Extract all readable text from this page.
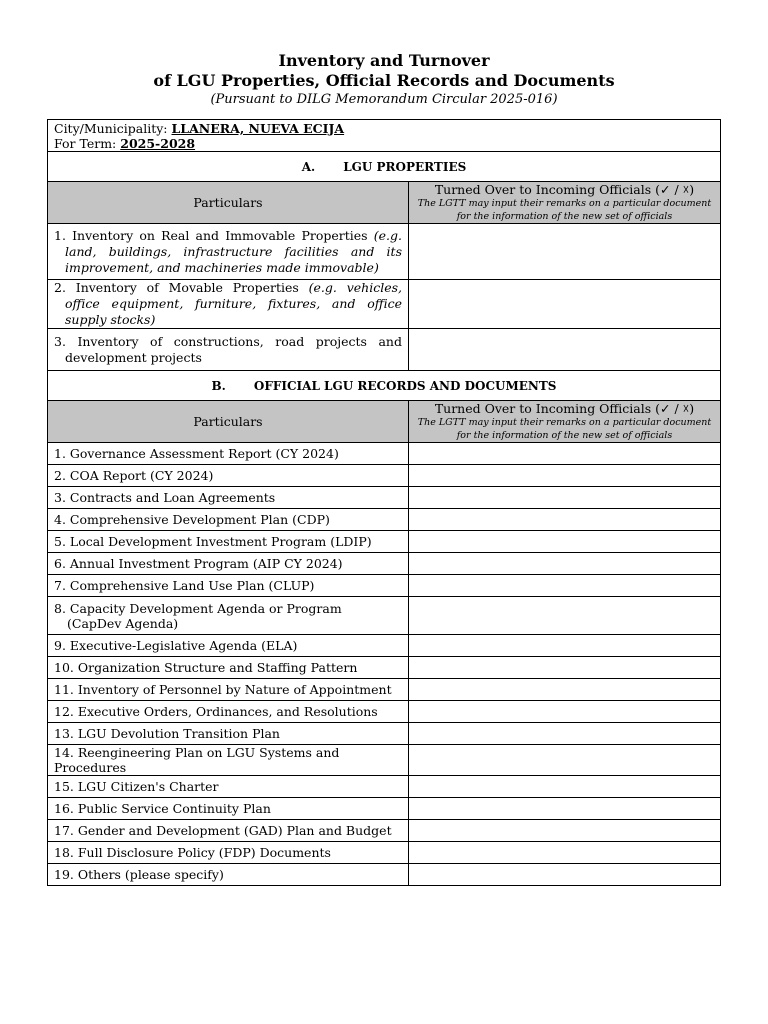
Inventory and Turnover
of LGU Properties, Official Records and Documents
(Pursuant to DILG Memorandum Circular 2025-016)
City/Municipality: LLANERA, NUEVA ECIJA
For Term: 2025-2028	

A. LGU PROPERTIES	

Particulars	Turned Over to Incoming Officials (✓ / ☓)
The LGTT may input their remarks on a particular document
for the information of the new set of officials

1. Inventory on Real and Immovable Properties (e.g. land, buildings, infrastructure facilities and its improvement, and machineries made immovable)	

2. Inventory of Movable Properties (e.g. vehicles, office equipment, furniture, fixtures, and office supply stocks)	

3. Inventory of constructions, road projects and development projects	

B. OFFICIAL LGU RECORDS AND DOCUMENTS	

Particulars	Turned Over to Incoming Officials (✓ / ☓)
The LGTT may input their remarks on a particular document
for the information of the new set of officials

1. Governance Assessment Report (CY 2024)	
2. COA Report (CY 2024)	
3. Contracts and Loan Agreements	
4. Comprehensive Development Plan (CDP)	
5. Local Development Investment Program (LDIP)	
6. Annual Investment Program (AIP CY 2024)	
7. Comprehensive Land Use Plan (CLUP)	
8. Capacity Development Agenda or Program
(CapDev Agenda)	

9. Executive-Legislative Agenda (ELA)	
10. Organization Structure and Staffing Pattern	
11. Inventory of Personnel by Nature of Appointment	
12. Executive Orders, Ordinances, and Resolutions	
13. LGU Devolution Transition Plan	
14. Reengineering Plan on LGU Systems and Procedures	
15. LGU Citizen's Charter	
16. Public Service Continuity Plan	
17. Gender and Development (GAD) Plan and Budget	
18. Full Disclosure Policy (FDP) Documents	
19. Others (please specify)	
